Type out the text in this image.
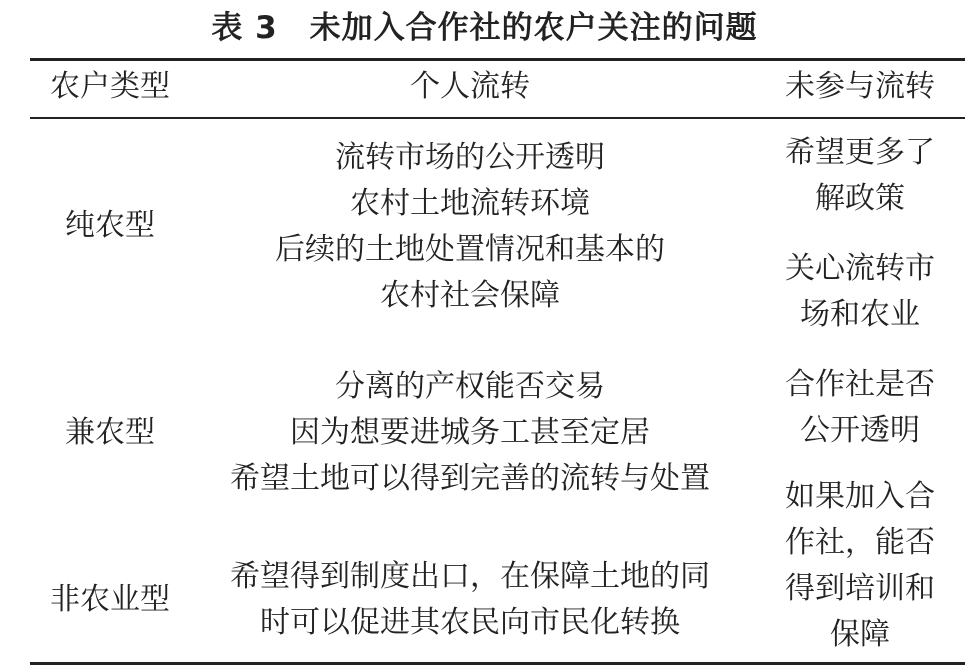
表 3　未加入合作社的农户关注的问题
农户类型	个人流转	未参与流转
纯农型
兼农型
非农业型
流转市场的公开透明
农村土地流转环境
后续的土地处置情况和基本的
农村社会保障
分离的产权能否交易
因为想要进城务工甚至定居
希望土地可以得到完善的流转与处置
希望得到制度出口，在保障土地的同
时可以促进其农民向市民化转换
希望更多了
解政策
关心流转市
场和农业
合作社是否
公开透明
如果加入合
作社，能否
得到培训和
保障
